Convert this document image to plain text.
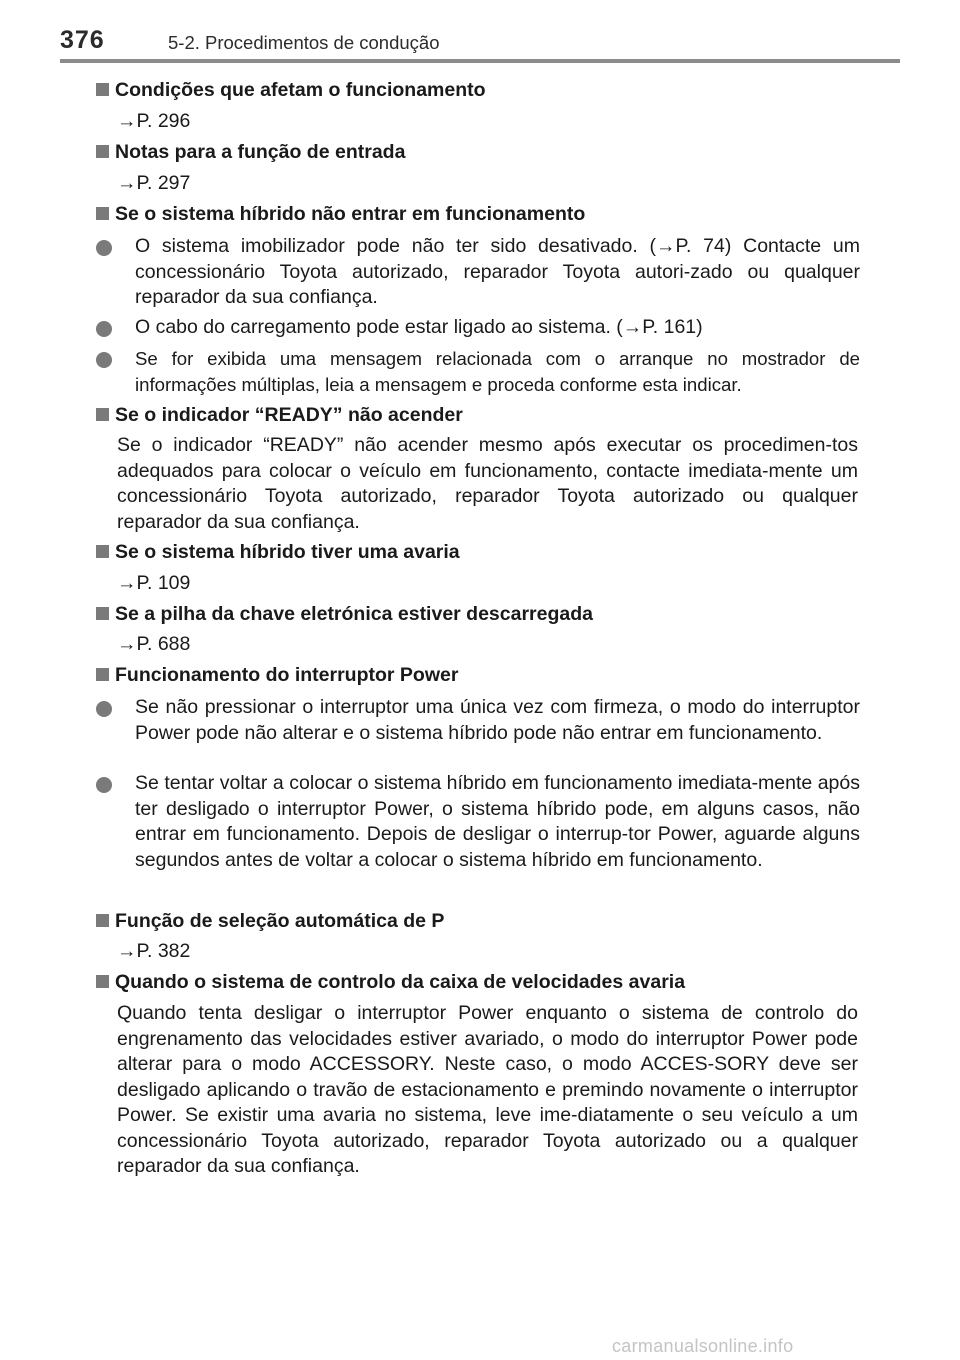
376	5-2. Procedimentos de condução
Condições que afetam o funcionamento
→P. 296
Notas para a função de entrada
→P. 297
Se o sistema híbrido não entrar em funcionamento
O sistema imobilizador pode não ter sido desativado. (→P. 74) Contacte um concessionário Toyota autorizado, reparador Toyota autori-zado ou qualquer reparador da sua confiança.
O cabo do carregamento pode estar ligado ao sistema. (→P. 161)
Se for exibida uma mensagem relacionada com o arranque no mostrador de informações múltiplas, leia a mensagem e proceda conforme esta indicar.
Se o indicador “READY” não acender
Se o indicador “READY” não acender mesmo após executar os procedimen-tos adequados para colocar o veículo em funcionamento, contacte imediata-mente um concessionário Toyota autorizado, reparador Toyota autorizado ou qualquer reparador da sua confiança.
Se o sistema híbrido tiver uma avaria
→P. 109
Se a pilha da chave eletrónica estiver descarregada
→P. 688
Funcionamento do interruptor Power
Se não pressionar o interruptor uma única vez com firmeza, o modo do interruptor Power pode não alterar e o sistema híbrido pode não entrar em funcionamento.
Se tentar voltar a colocar o sistema híbrido em funcionamento imediata-mente após ter desligado o interruptor Power, o sistema híbrido pode, em alguns casos, não entrar em funcionamento. Depois de desligar o interrup-tor Power, aguarde alguns segundos antes de voltar a colocar o sistema híbrido em funcionamento.
Função de seleção automática de P
→P. 382
Quando o sistema de controlo da caixa de velocidades avaria
Quando tenta desligar o interruptor Power enquanto o sistema de controlo do engrenamento das velocidades estiver avariado, o modo do interruptor Power pode alterar para o modo ACCESSORY. Neste caso, o modo ACCES-SORY deve ser desligado aplicando o travão de estacionamento e premindo novamente o interruptor Power. Se existir uma avaria no sistema, leve ime-diatamente o seu veículo a um concessionário Toyota autorizado, reparador Toyota autorizado ou a qualquer reparador da sua confiança.
carmanualsonline.info
